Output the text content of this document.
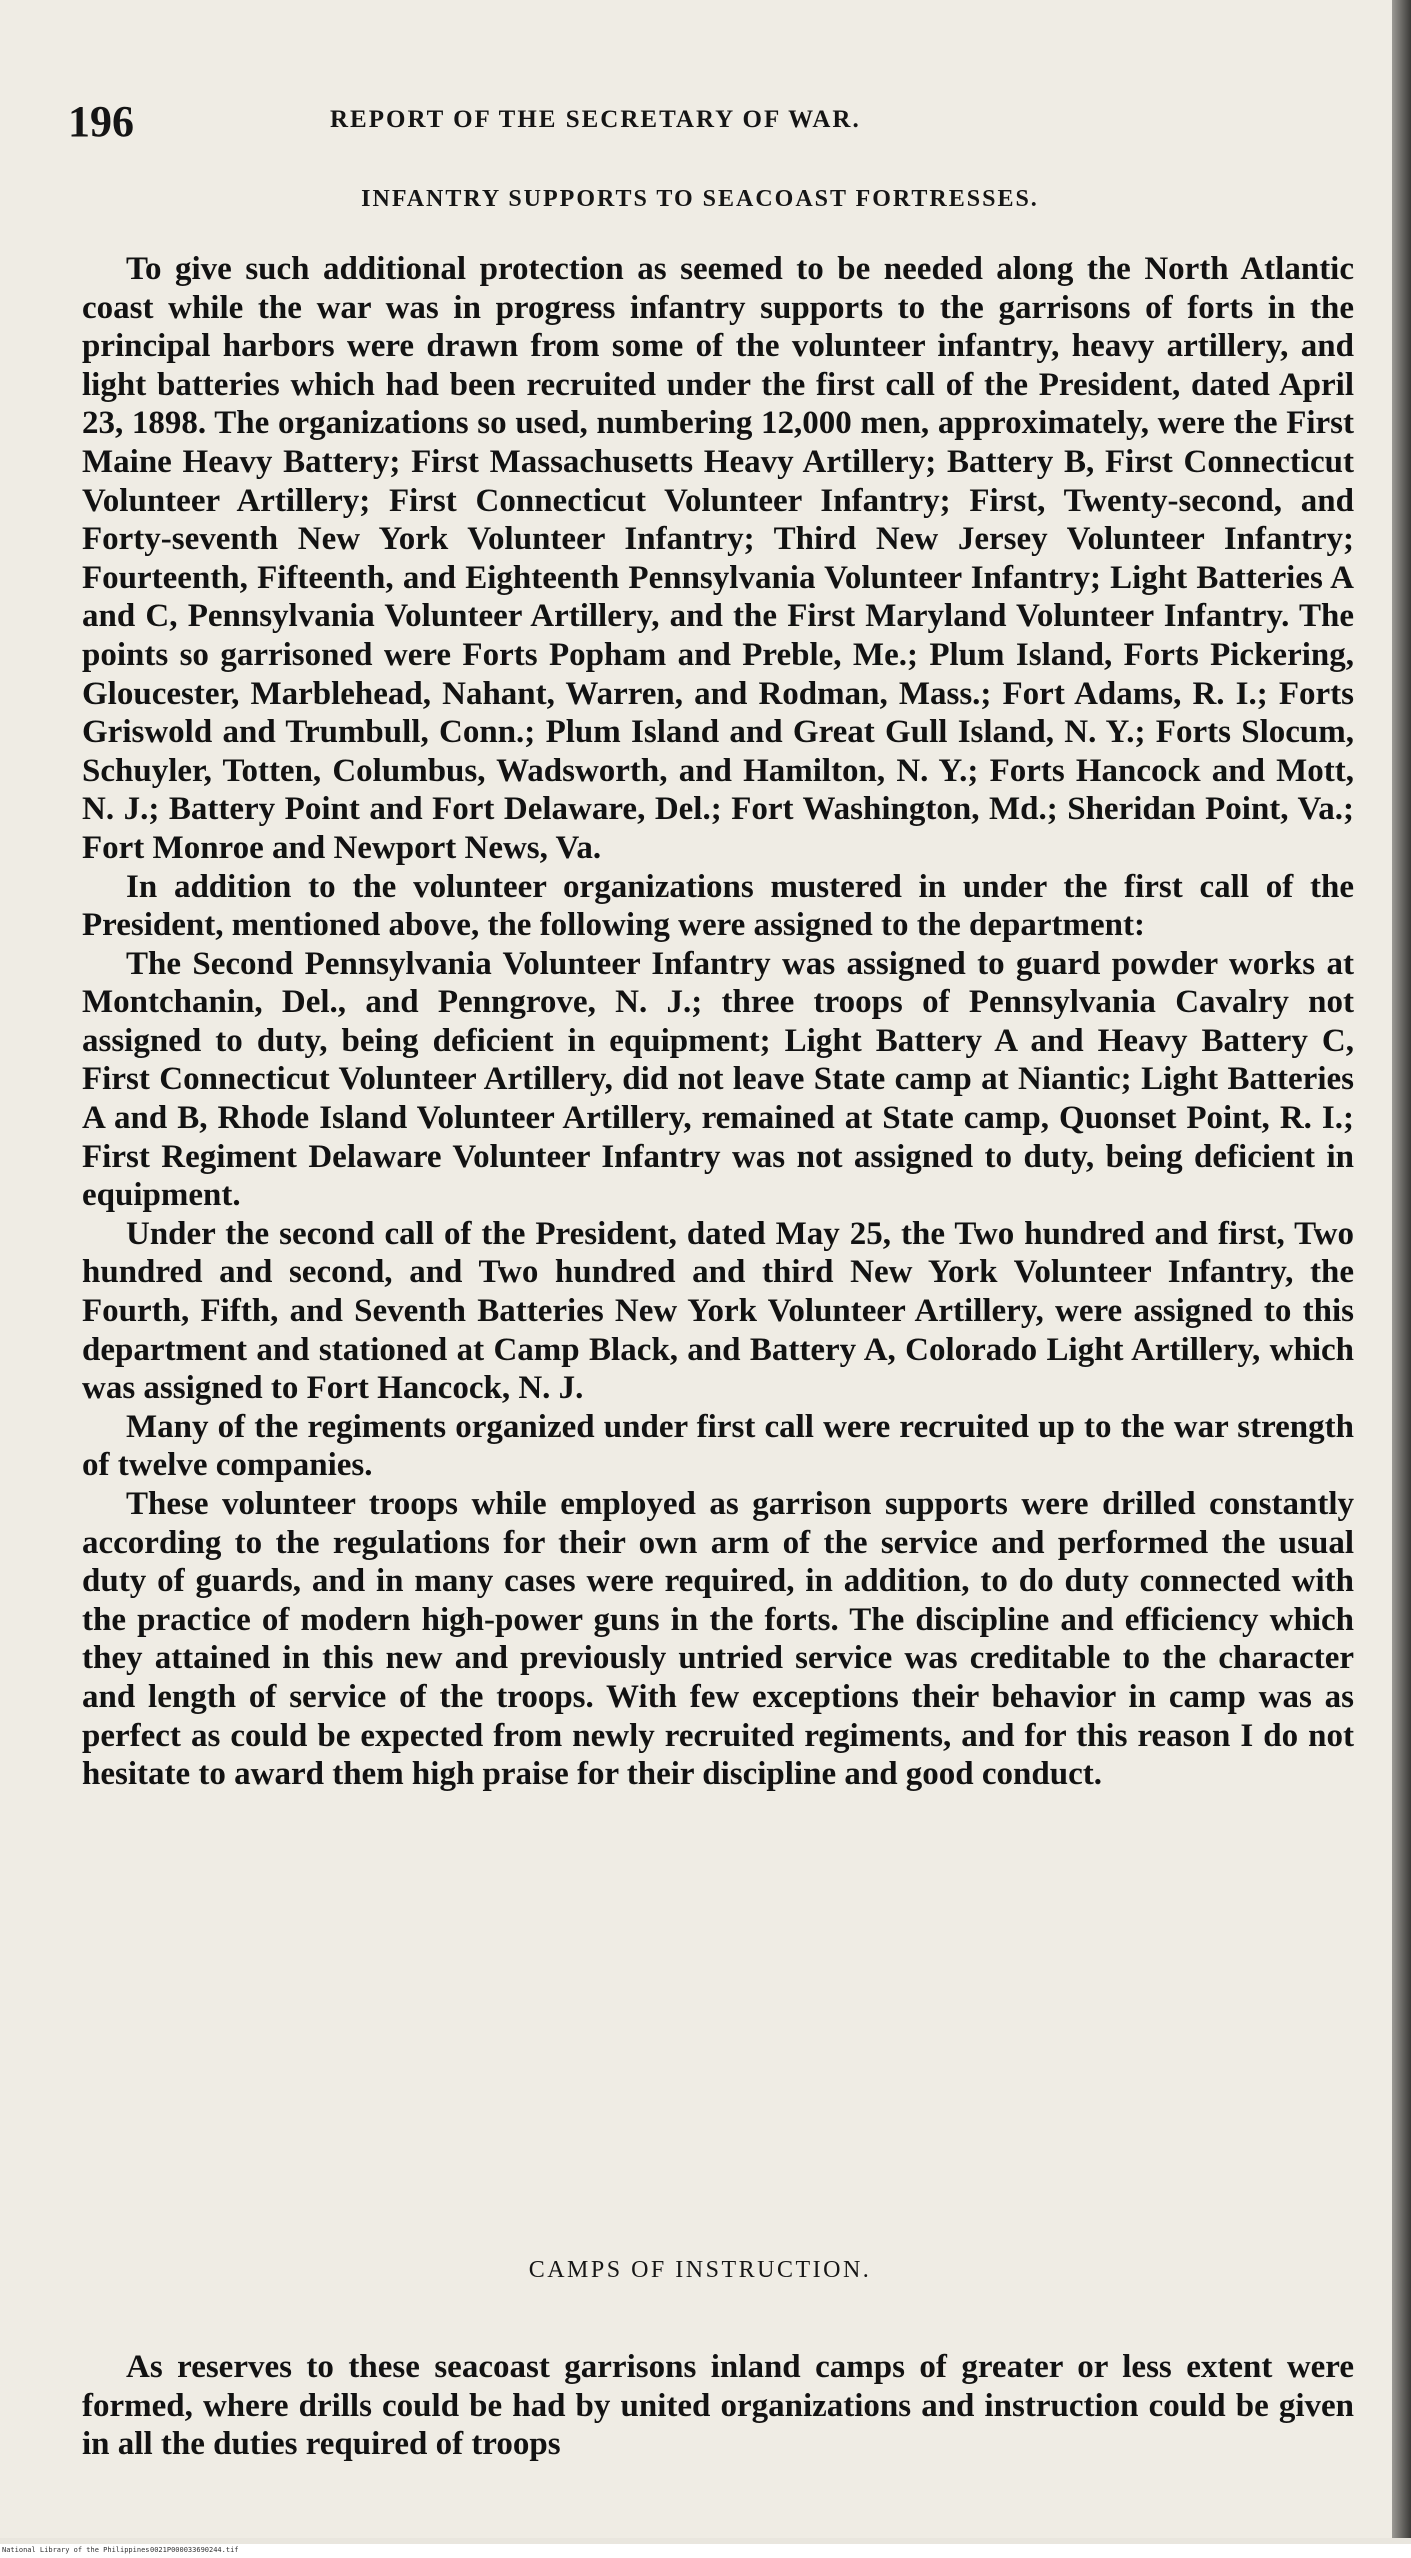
196	REPORT OF THE SECRETARY OF WAR.
INFANTRY SUPPORTS TO SEACOAST FORTRESSES.

To give such additional protection as seemed to be needed along the North Atlantic coast while the war was in progress infantry supports to the garrisons of forts in the principal harbors were drawn from some of the volunteer infantry, heavy artillery, and light batteries which had been recruited under the first call of the President, dated April 23, 1898. The organizations so used, numbering 12,000 men, approximately, were the First Maine Heavy Battery; First Massachusetts Heavy Artillery; Battery B, First Connecticut Volunteer Artillery; First Connecticut Volunteer Infantry; First, Twenty-second, and Forty-seventh New York Volunteer Infantry; Third New Jersey Volunteer Infantry; Fourteenth, Fifteenth, and Eighteenth Pennsylvania Volunteer Infantry; Light Batteries A and C, Pennsylvania Volunteer Artillery, and the First Maryland Volunteer Infantry. The points so garrisoned were Forts Popham and Preble, Me.; Plum Island, Forts Pickering, Gloucester, Marblehead, Nahant, Warren, and Rodman, Mass.; Fort Adams, R. I.; Forts Griswold and Trumbull, Conn.; Plum Island and Great Gull Island, N. Y.; Forts Slocum, Schuyler, Totten, Columbus, Wadsworth, and Hamilton, N. Y.; Forts Hancock and Mott, N. J.; Battery Point and Fort Delaware, Del.; Fort Washington, Md.; Sheridan Point, Va.; Fort Monroe and Newport News, Va.

In addition to the volunteer organizations mustered in under the first call of the President, mentioned above, the following were assigned to the department:

The Second Pennsylvania Volunteer Infantry was assigned to guard powder works at Montchanin, Del., and Penngrove, N. J.; three troops of Pennsylvania Cavalry not assigned to duty, being deficient in equipment; Light Battery A and Heavy Battery C, First Connecticut Volunteer Artillery, did not leave State camp at Niantic; Light Batteries A and B, Rhode Island Volunteer Artillery, remained at State camp, Quonset Point, R. I.; First Regiment Delaware Volunteer Infantry was not assigned to duty, being deficient in equipment.

Under the second call of the President, dated May 25, the Two hundred and first, Two hundred and second, and Two hundred and third New York Volunteer Infantry, the Fourth, Fifth, and Seventh Batteries New York Volunteer Artillery, were assigned to this department and stationed at Camp Black, and Battery A, Colorado Light Artillery, which was assigned to Fort Hancock, N. J.

Many of the regiments organized under first call were recruited up to the war strength of twelve companies.

These volunteer troops while employed as garrison supports were drilled constantly according to the regulations for their own arm of the service and performed the usual duty of guards, and in many cases were required, in addition, to do duty connected with the practice of modern high-power guns in the forts. The discipline and efficiency which they attained in this new and previously untried service was creditable to the character and length of service of the troops. With few exceptions their behavior in camp was as perfect as could be expected from newly recruited regiments, and for this reason I do not hesitate to award them high praise for their discipline and good conduct.

CAMPS OF INSTRUCTION.

As reserves to these seacoast garrisons inland camps of greater or less extent were formed, where drills could be had by united organizations and instruction could be given in all the duties required of troops

National Library of the Philippines 0021P000033690244.tif
